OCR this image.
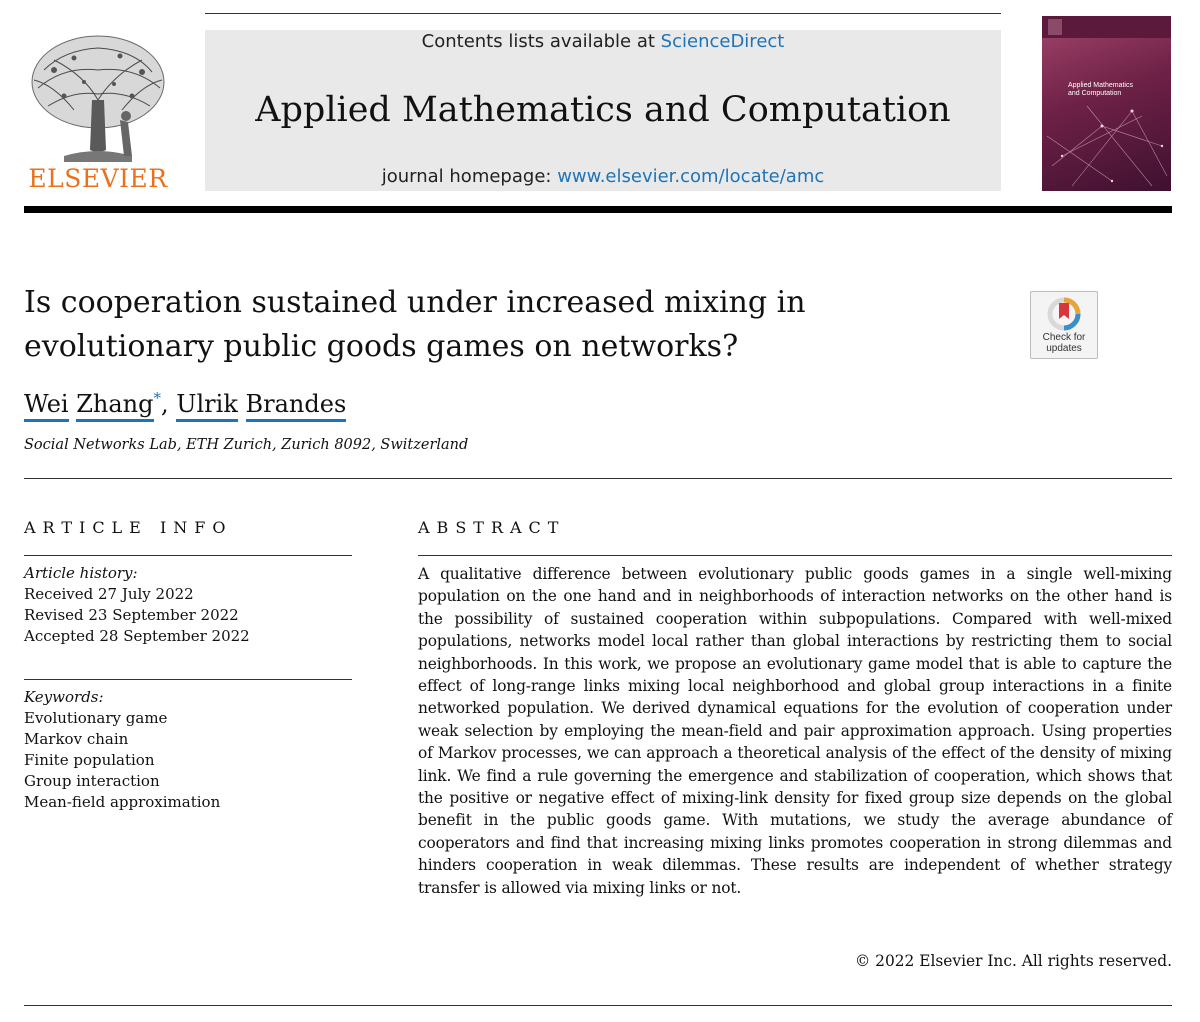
ELSEVIER
Contents lists available at ScienceDirect
Applied Mathematics and Computation
journal homepage: www.elsevier.com/locate/amc
Applied Mathematics
and Computation
Is cooperation sustained under increased mixing in evolutionary public goods games on networks?	Check for
updates
Wei Zhang*, Ulrik Brandes
Social Networks Lab, ETH Zurich, Zurich 8092, Switzerland
ARTICLE INFO
Article history:
Received 27 July 2022
Revised 23 September 2022
Accepted 28 September 2022
Keywords:
Evolutionary game
Markov chain
Finite population
Group interaction
Mean-field approximation
ABSTRACT
A qualitative difference between evolutionary public goods games in a single well-mixing population on the one hand and in neighborhoods of interaction networks on the other hand is the possibility of sustained cooperation within subpopulations. Compared with well-mixed populations, networks model local rather than global interactions by restricting them to social neighborhoods. In this work, we propose an evolutionary game model that is able to capture the effect of long-range links mixing local neighborhood and global group interactions in a finite networked population. We derived dynamical equations for the evolution of cooperation under weak selection by employing the mean-field and pair approximation approach. Using properties of Markov processes, we can approach a theoretical analysis of the effect of the density of mixing link. We find a rule governing the emergence and stabilization of cooperation, which shows that the positive or negative effect of mixing-link density for fixed group size depends on the global benefit in the public goods game. With mutations, we study the average abundance of cooperators and find that increasing mixing links promotes cooperation in strong dilemmas and hinders cooperation in weak dilemmas. These results are independent of whether strategy transfer is allowed via mixing links or not.
© 2022 Elsevier Inc. All rights reserved.
